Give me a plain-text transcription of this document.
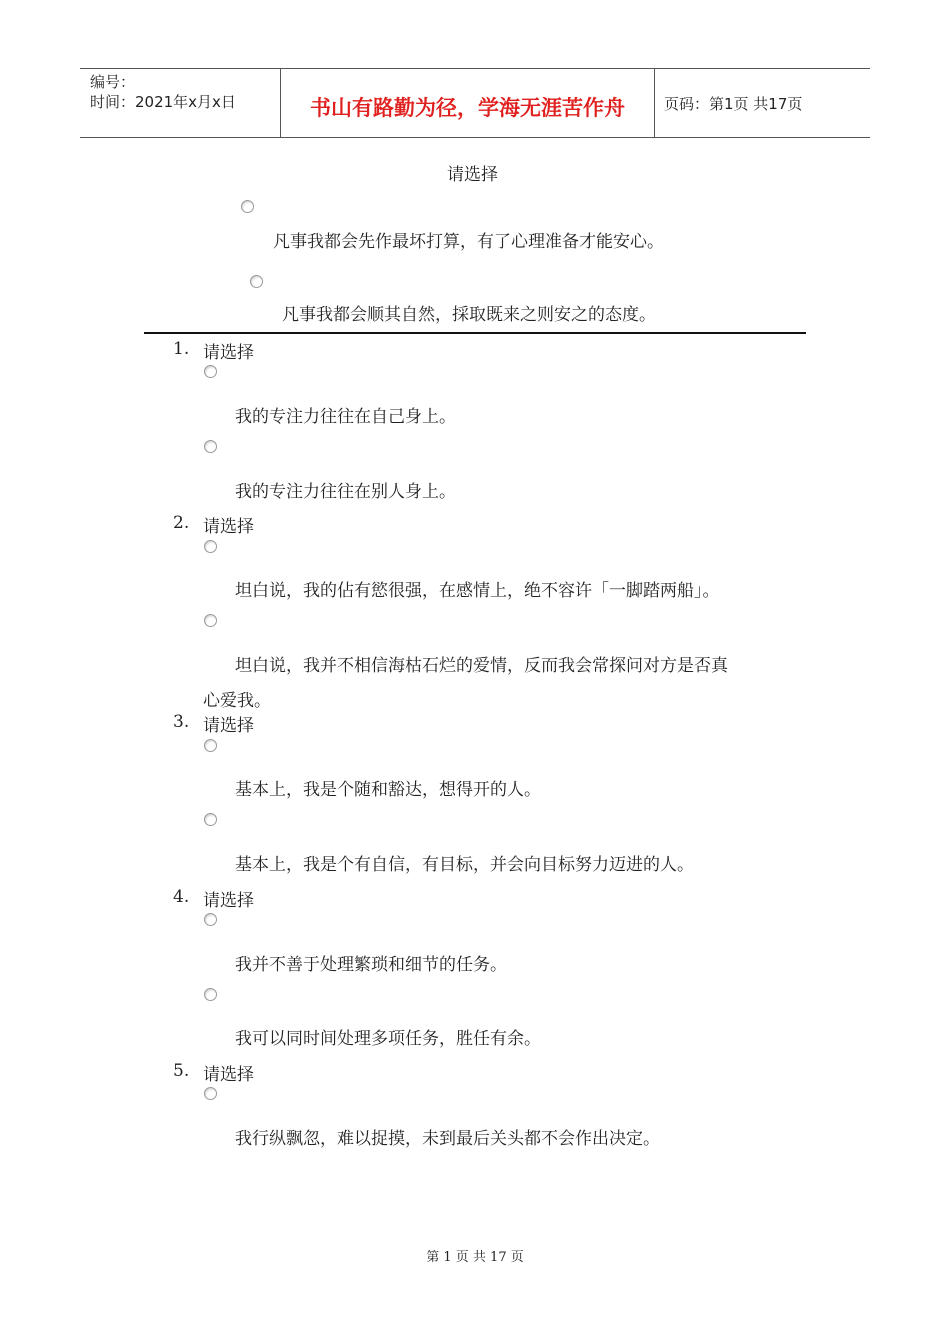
编号：
时间：2021年x月x日	书山有路勤为径，学海无涯苦作舟	页码：第1页 共17页
请选择
凡事我都会先作最坏打算，有了心理准备才能安心。
凡事我都会顺其自然，採取既来之则安之的态度。
1. 请选择
我的专注力往往在自己身上。
我的专注力往往在别人身上。
2. 请选择
坦白说，我的佔有慾很强，在感情上，绝不容许「一脚踏两船」。
坦白说，我并不相信海枯石烂的爱情，反而我会常探问对方是否真
心爱我。
3. 请选择
基本上，我是个随和豁达，想得开的人。
基本上，我是个有自信，有目标，并会向目标努力迈进的人。
4. 请选择
我并不善于处理繁琐和细节的任务。
我可以同时间处理多项任务，胜任有余。
5. 请选择
我行纵飘忽，难以捉摸，未到最后关头都不会作出决定。
第 1 页 共 17 页
